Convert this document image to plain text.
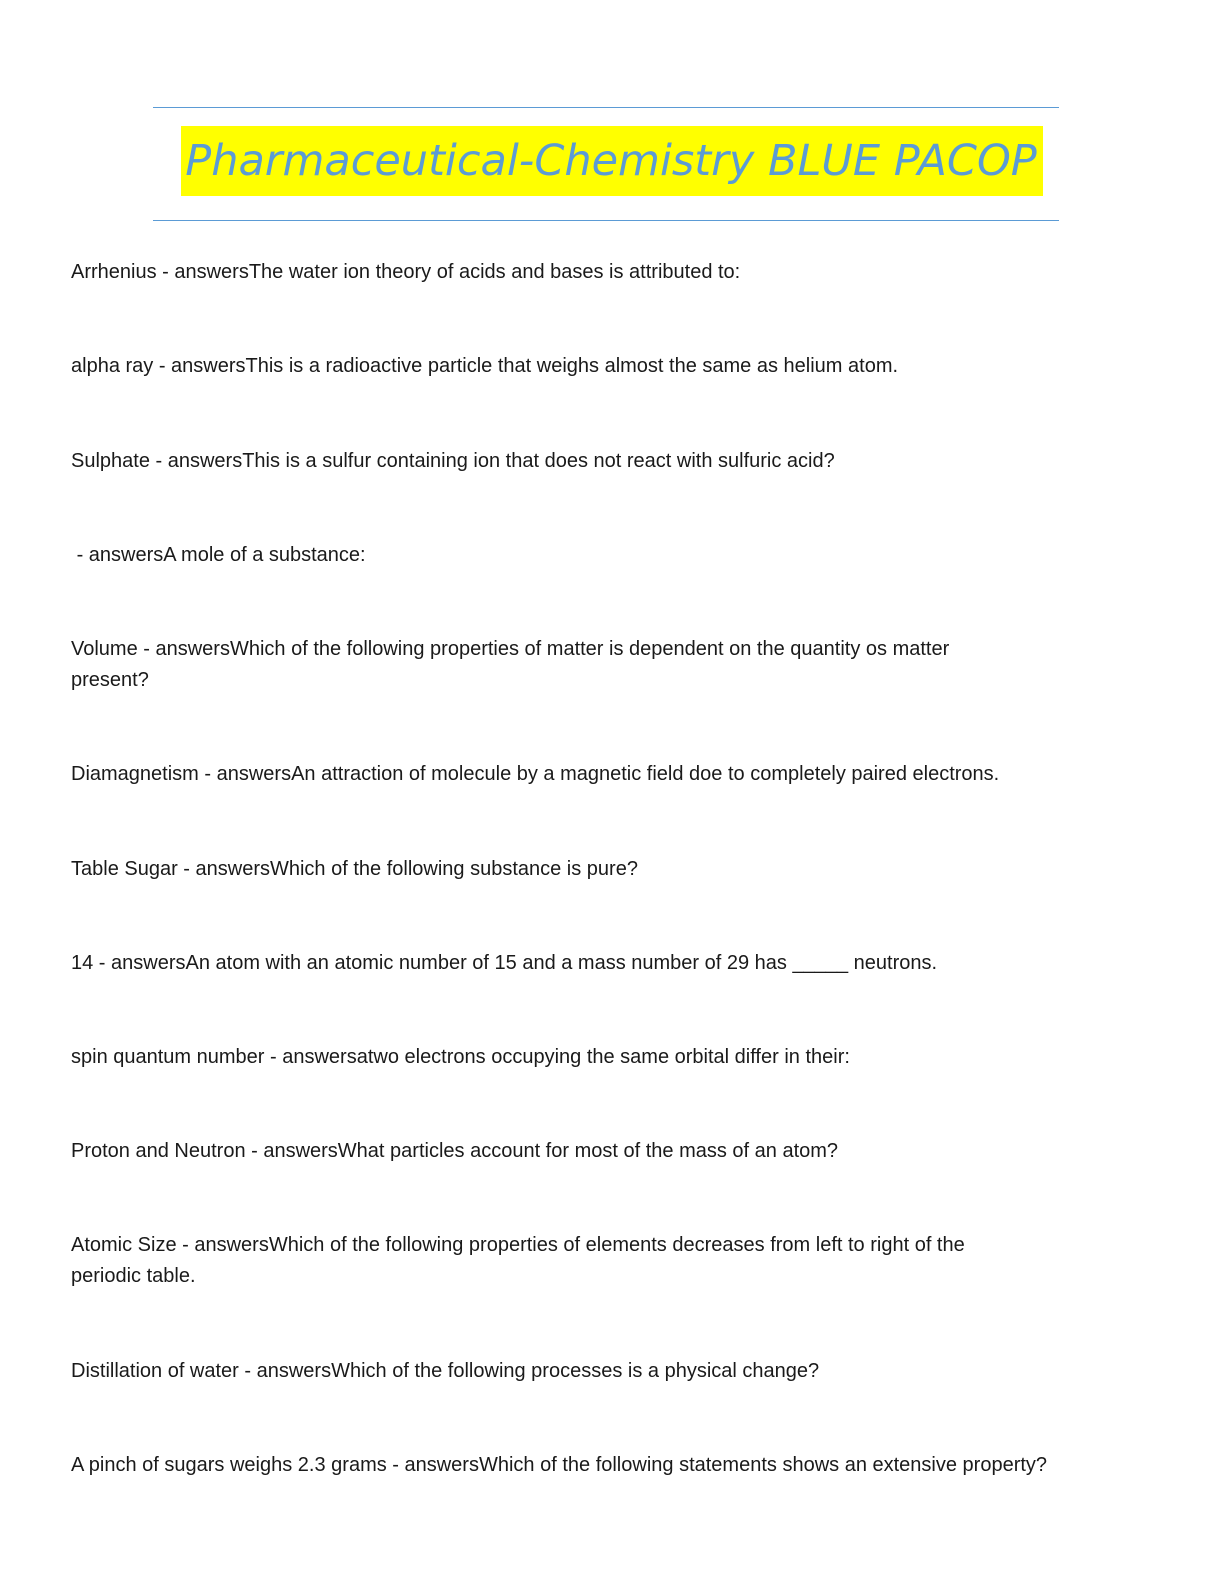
Pharmaceutical-Chemistry BLUE PACOP

Arrhenius - answersThe water ion theory of acids and bases is attributed to:

alpha ray - answersThis is a radioactive particle that weighs almost the same as helium atom.

Sulphate - answersThis is a sulfur containing ion that does not react with sulfuric acid?

- answersA mole of a substance:

Volume - answersWhich of the following properties of matter is dependent on the quantity os matter
present?

Diamagnetism - answersAn attraction of molecule by a magnetic field doe to completely paired electrons.

Table Sugar - answersWhich of the following substance is pure?

14 - answersAn atom with an atomic number of 15 and a mass number of 29 has _____ neutrons.

spin quantum number - answersatwo electrons occupying the same orbital differ in their:

Proton and Neutron - answersWhat particles account for most of the mass of an atom?

Atomic Size - answersWhich of the following properties of elements decreases from left to right of the
periodic table.

Distillation of water - answersWhich of the following processes is a physical change?

A pinch of sugars weighs 2.3 grams - answersWhich of the following statements shows an extensive property?
